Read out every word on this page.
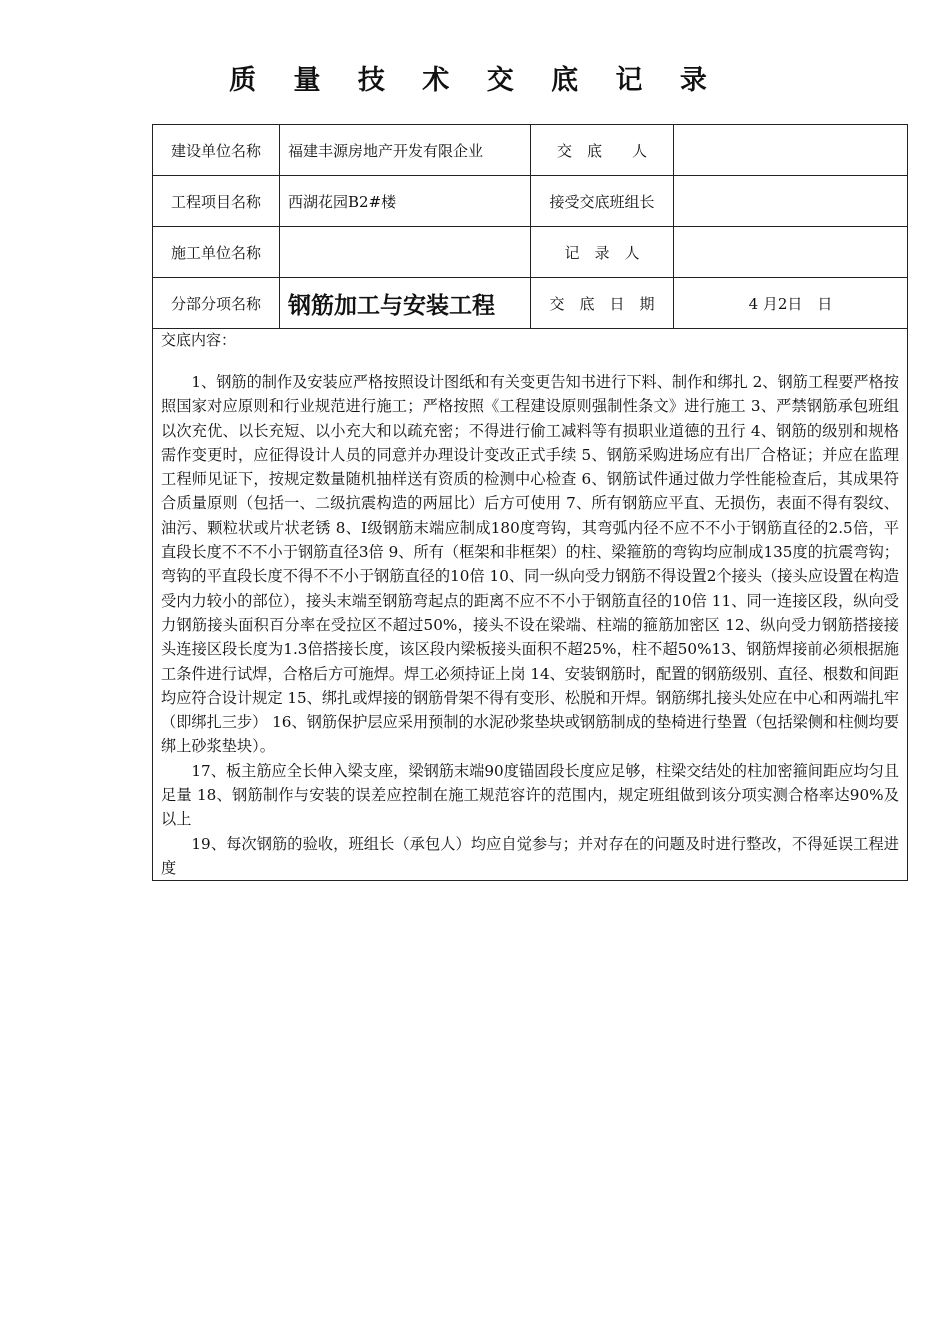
质 量 技 术 交 底 记 录
建设单位名称	福建丰源房地产开发有限企业	交　底　　人	
工程项目名称	西湖花园B2#楼	接受交底班组长	
施工单位名称		记　录　人	
分部分项名称	钢筋加工与安装工程	交　底　日　期	4 月2日　日

交底内容：

1、钢筋的制作及安装应严格按照设计图纸和有关变更告知书进行下料、制作和绑扎 2、钢筋工程要严格按照国家对应原则和行业规范进行施工；严格按照《工程建设原则强制性条文》进行施工 3、严禁钢筋承包班组以次充优、以长充短、以小充大和以疏充密；不得进行偷工减料等有损职业道德的丑行 4、钢筋的级别和规格需作变更时，应征得设计人员的同意并办理设计变改正式手续 5、钢筋采购进场应有出厂合格证；并应在监理工程师见证下，按规定数量随机抽样送有资质的检测中心检查 6、钢筋试件通过做力学性能检查后，其成果符合质量原则（包括一、二级抗震构造的两屈比）后方可使用 7、所有钢筋应平直、无损伤，表面不得有裂纹、油污、颗粒状或片状老锈 8、Ⅰ级钢筋末端应制成180度弯钩，其弯弧内径不应不不小于钢筋直径的2.5倍，平直段长度不不不小于钢筋直径3倍 9、所有（框架和非框架）的柱、梁箍筋的弯钩均应制成135度的抗震弯钩；弯钩的平直段长度不得不不小于钢筋直径的10倍 10、同一纵向受力钢筋不得设置2个接头（接头应设置在构造受内力较小的部位），接头末端至钢筋弯起点的距离不应不不小于钢筋直径的10倍 11、同一连接区段，纵向受力钢筋接头面积百分率在受拉区不超过50%，接头不设在梁端、柱端的箍筋加密区 12、纵向受力钢筋搭接接头连接区段长度为1.3倍搭接长度，该区段内梁板接头面积不超25%，柱不超50%13、钢筋焊接前必须根据施工条件进行试焊，合格后方可施焊。焊工必须持证上岗 14、安装钢筋时，配置的钢筋级别、直径、根数和间距均应符合设计规定 15、绑扎或焊接的钢筋骨架不得有变形、松脱和开焊。钢筋绑扎接头处应在中心和两端扎牢（即绑扎三步） 16、钢筋保护层应采用预制的水泥砂浆垫块或钢筋制成的垫椅进行垫置（包括梁侧和柱侧均要绑上砂浆垫块）。

17、板主筋应全长伸入梁支座，梁钢筋末端90度锚固段长度应足够，柱梁交结处的柱加密箍间距应均匀且足量 18、钢筋制作与安装的误差应控制在施工规范容许的范围内，规定班组做到该分项实测合格率达90%及以上

19、每次钢筋的验收，班组长（承包人）均应自觉参与；并对存在的问题及时进行整改，不得延误工程进度			
